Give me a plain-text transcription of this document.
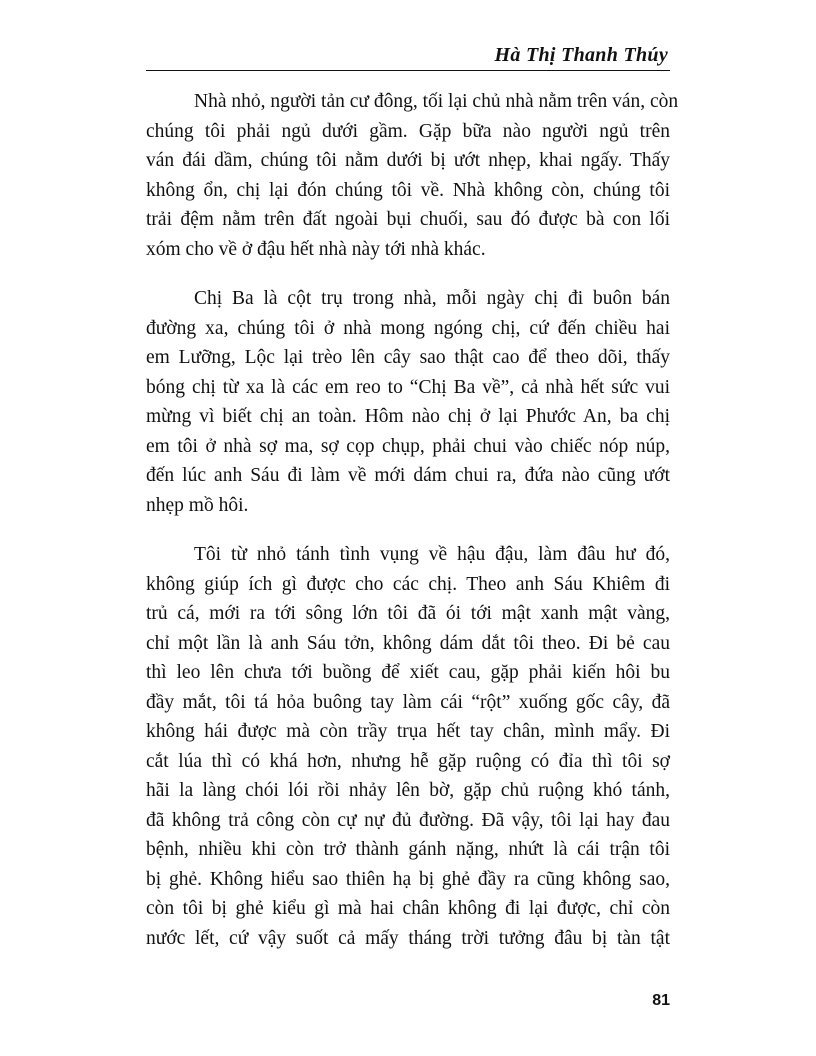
Hà Thị Thanh Thúy

Nhà nhỏ, người tản cư đông, tối lại chủ nhà nằm trên ván, còn
chúng tôi phải ngủ dưới gầm. Gặp bữa nào người ngủ trên
ván đái dầm, chúng tôi nằm dưới bị ướt nhẹp, khai ngấy. Thấy
không ổn, chị lại đón chúng tôi về. Nhà không còn, chúng tôi
trải đệm nằm trên đất ngoài bụi chuối, sau đó được bà con lối
xóm cho về ở đậu hết nhà này tới nhà khác.

Chị Ba là cột trụ trong nhà, mỗi ngày chị đi buôn bán
đường xa, chúng tôi ở nhà mong ngóng chị, cứ đến chiều hai
em Lưỡng, Lộc lại trèo lên cây sao thật cao để theo dõi, thấy
bóng chị từ xa là các em reo to “Chị Ba về”, cả nhà hết sức vui
mừng vì biết chị an toàn. Hôm nào chị ở lại Phước An, ba chị
em tôi ở nhà sợ ma, sợ cọp chụp, phải chui vào chiếc nóp núp,
đến lúc anh Sáu đi làm về mới dám chui ra, đứa nào cũng ướt
nhẹp mồ hôi.

Tôi từ nhỏ tánh tình vụng về hậu đậu, làm đâu hư đó,
không giúp ích gì được cho các chị. Theo anh Sáu Khiêm đi
trủ cá, mới ra tới sông lớn tôi đã ói tới mật xanh mật vàng,
chỉ một lần là anh Sáu tởn, không dám dắt tôi theo. Đi bẻ cau
thì leo lên chưa tới buồng để xiết cau, gặp phải kiến hôi bu
đầy mắt, tôi tá hỏa buông tay làm cái “rột” xuống gốc cây, đã
không hái được mà còn trầy trụa hết tay chân, mình mẩy. Đi
cắt lúa thì có khá hơn, nhưng hễ gặp ruộng có đỉa thì tôi sợ
hãi la làng chói lói rồi nhảy lên bờ, gặp chủ ruộng khó tánh,
đã không trả công còn cự nự đủ đường. Đã vậy, tôi lại hay đau
bệnh, nhiều khi còn trở thành gánh nặng, nhứt là cái trận tôi
bị ghẻ. Không hiểu sao thiên hạ bị ghẻ đầy ra cũng không sao,
còn tôi bị ghẻ kiểu gì mà hai chân không đi lại được, chỉ còn
nước lết, cứ vậy suốt cả mấy tháng trời tưởng đâu bị tàn tật

81
